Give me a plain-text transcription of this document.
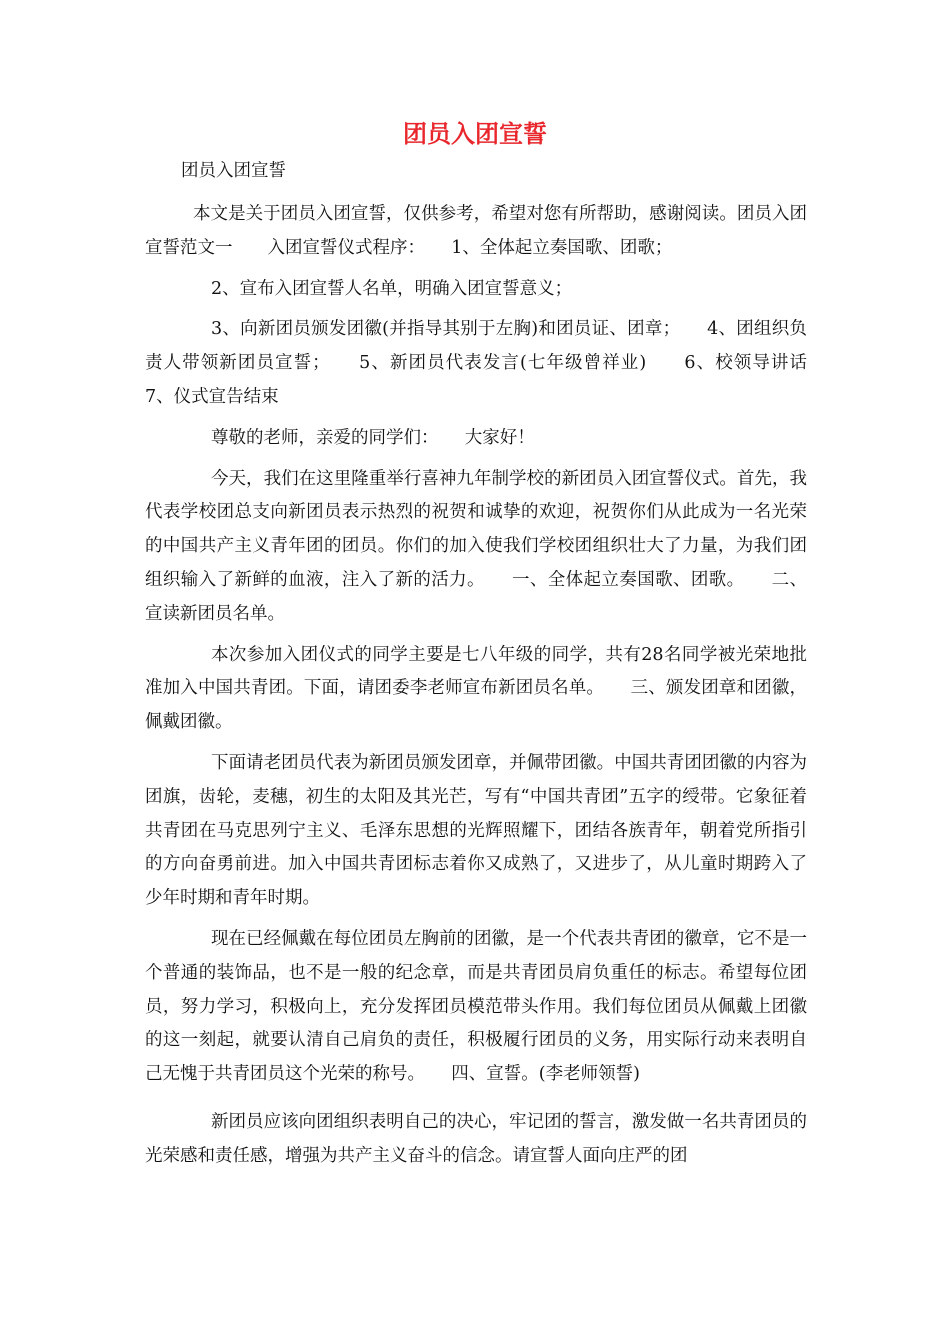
团员入团宣誓
团员入团宣誓

本文是关于团员入团宣誓，仅供参考，希望对您有所帮助，感谢阅读。团员入团宣誓范文一　　入团宣誓仪式程序：　　1、全体起立奏国歌、团歌；

2、宣布入团宣誓人名单，明确入团宣誓意义；

3、向新团员颁发团徽(并指导其别于左胸)和团员证、团章；　　4、团组织负责人带领新团员宣誓；　　5、新团员代表发言(七年级曾祥业)　　6、校领导讲话　　7、仪式宣告结束

尊敬的老师，亲爱的同学们：　　大家好！

今天，我们在这里隆重举行喜神九年制学校的新团员入团宣誓仪式。首先，我代表学校团总支向新团员表示热烈的祝贺和诚挚的欢迎，祝贺你们从此成为一名光荣的中国共产主义青年团的团员。你们的加入使我们学校团组织壮大了力量，为我们团组织输入了新鲜的血液，注入了新的活力。　　一、全体起立奏国歌、团歌。　　二、宣读新团员名单。

本次参加入团仪式的同学主要是七八年级的同学，共有28名同学被光荣地批准加入中国共青团。下面，请团委李老师宣布新团员名单。　　三、颁发团章和团徽，佩戴团徽。

下面请老团员代表为新团员颁发团章，并佩带团徽。中国共青团团徽的内容为团旗，齿轮，麦穗，初生的太阳及其光芒，写有“中国共青团”五字的绶带。它象征着共青团在马克思列宁主义、毛泽东思想的光辉照耀下，团结各族青年，朝着党所指引的方向奋勇前进。加入中国共青团标志着你又成熟了，又进步了，从儿童时期跨入了少年时期和青年时期。

现在已经佩戴在每位团员左胸前的团徽，是一个代表共青团的徽章，它不是一个普通的装饰品，也不是一般的纪念章，而是共青团员肩负重任的标志。希望每位团员，努力学习，积极向上，充分发挥团员模范带头作用。我们每位团员从佩戴上团徽的这一刻起，就要认清自己肩负的责任，积极履行团员的义务，用实际行动来表明自己无愧于共青团员这个光荣的称号。　　四、宣誓。(李老师领誓)

新团员应该向团组织表明自己的决心，牢记团的誓言，激发做一名共青团员的光荣感和责任感，增强为共产主义奋斗的信念。请宣誓人面向庄严的团
